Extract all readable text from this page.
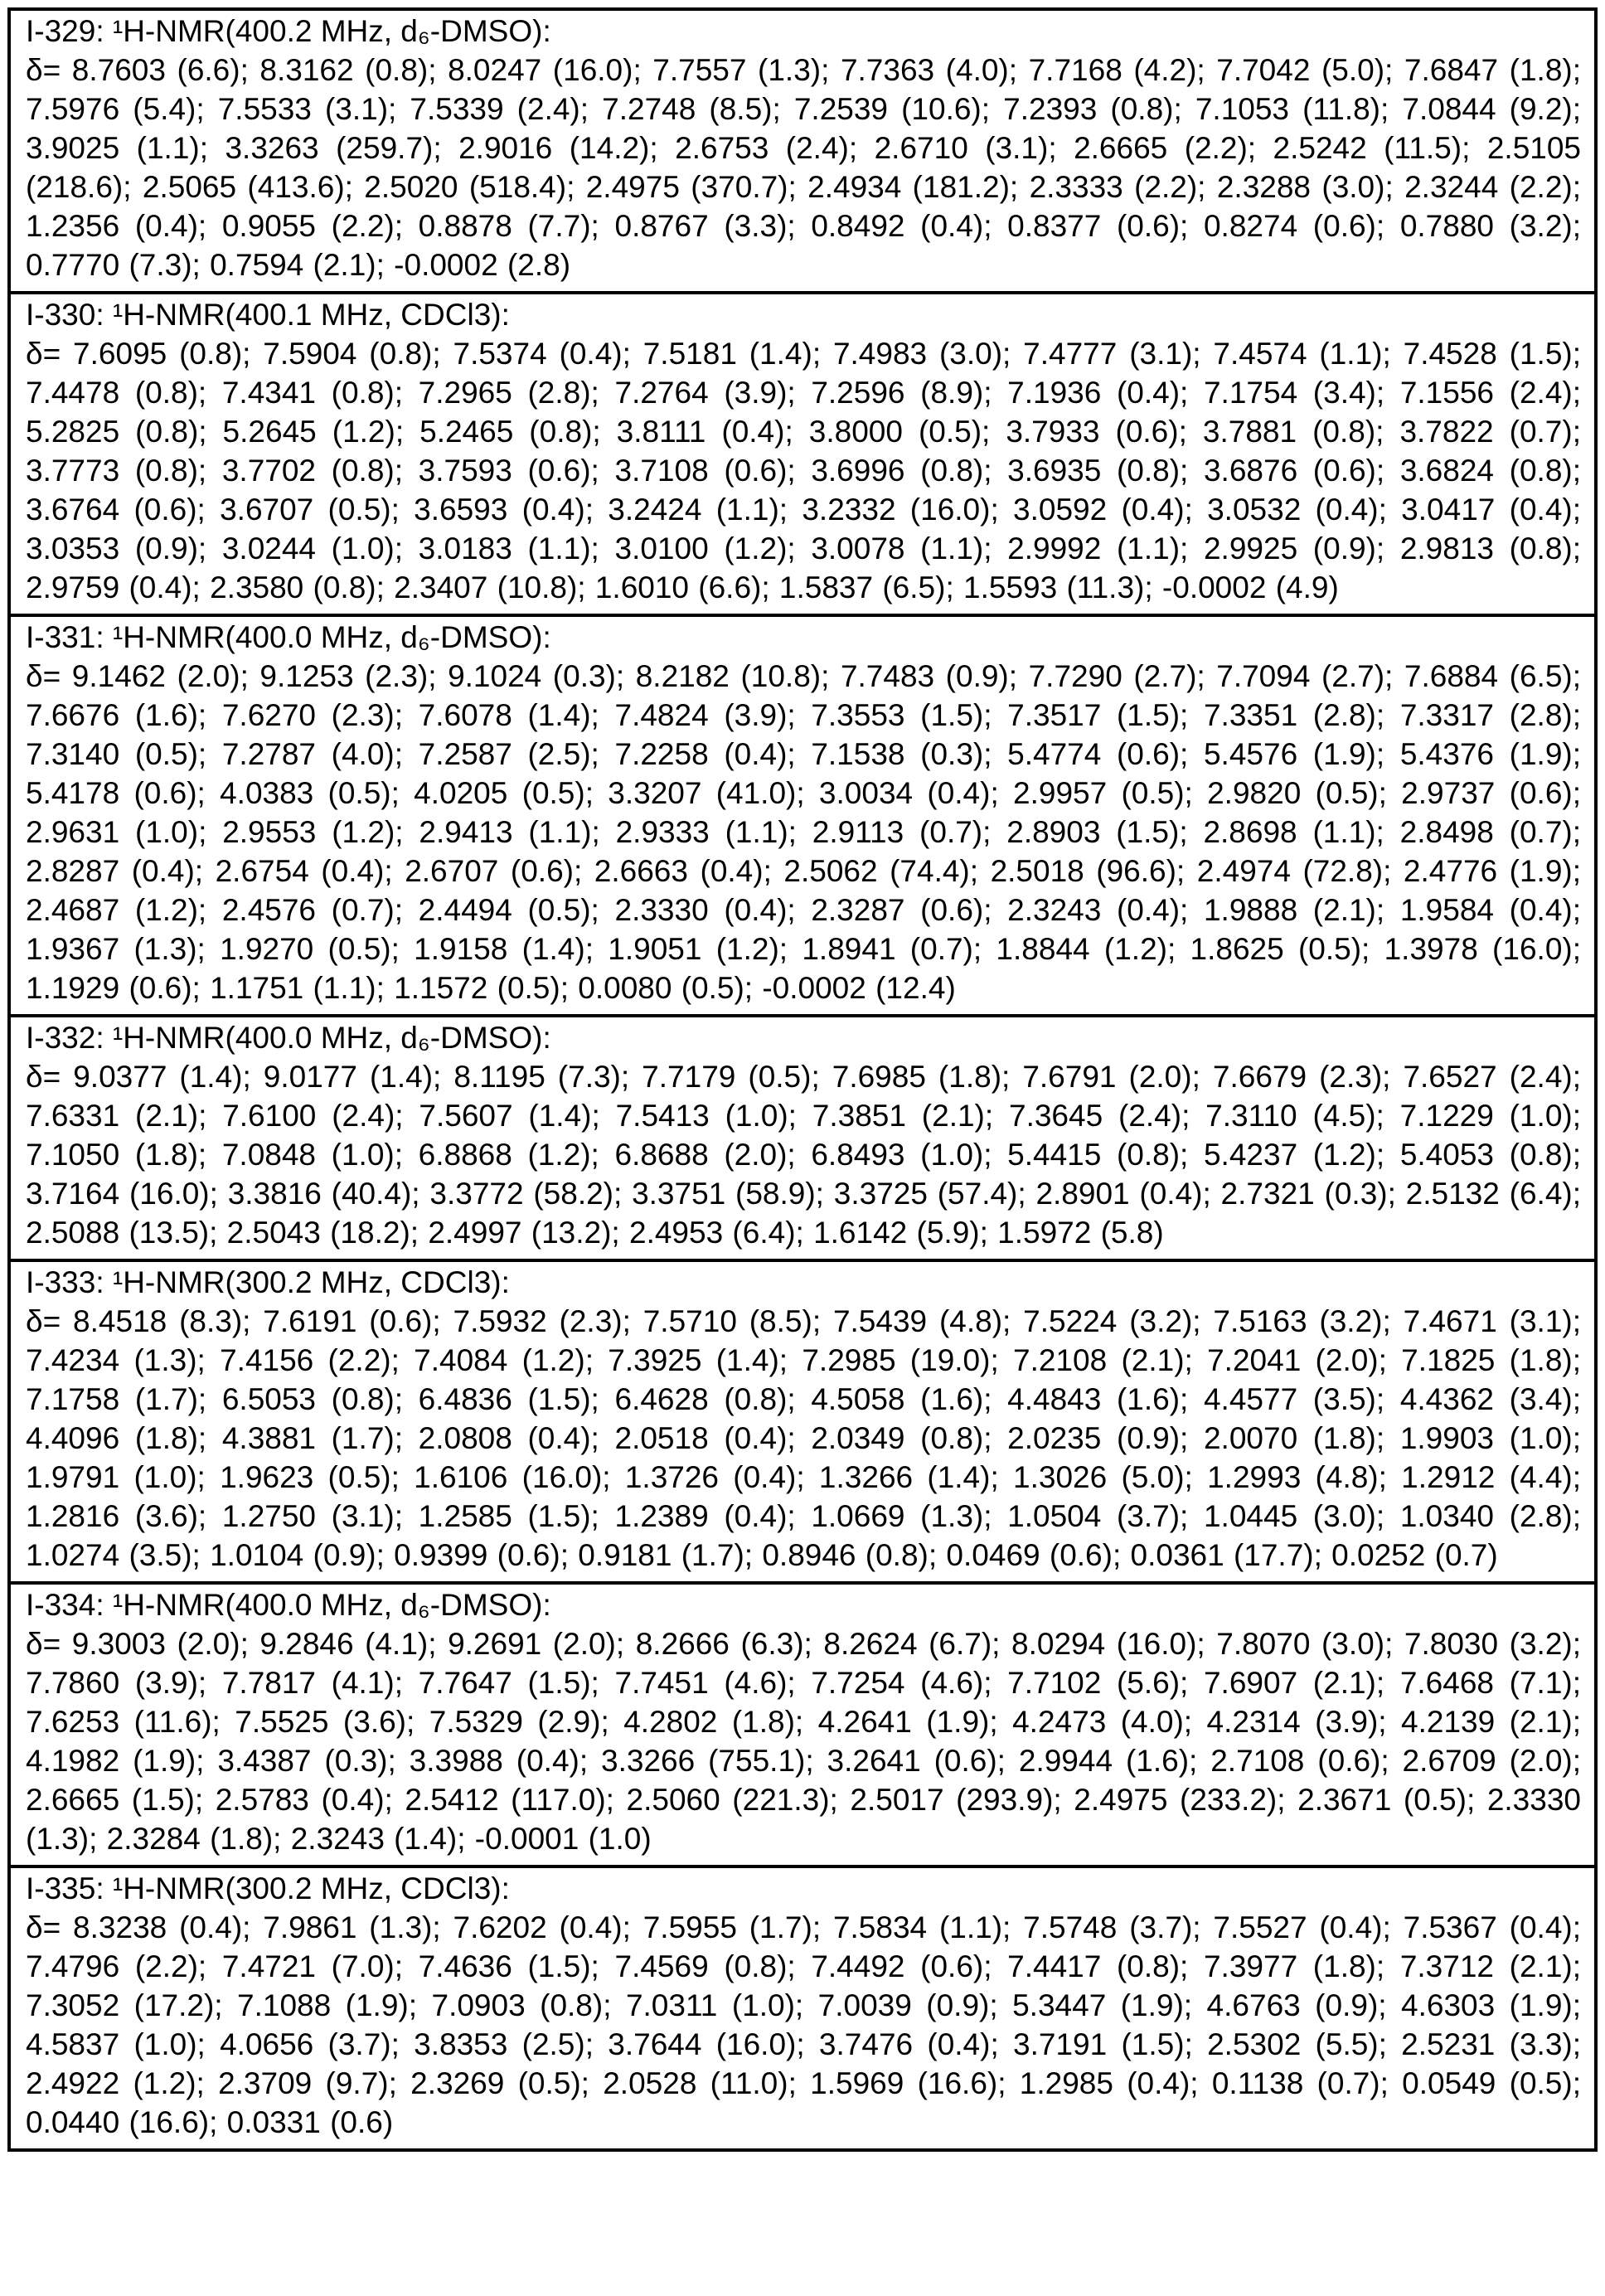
I-329: ¹H-NMR(400.2 MHz, d₆-DMSO):
δ= 8.7603 (6.6); 8.3162 (0.8); 8.0247 (16.0); 7.7557 (1.3); 7.7363 (4.0); 7.7168 (4.2); 7.7042 (5.0); 7.6847 (1.8); 7.5976 (5.4); 7.5533 (3.1); 7.5339 (2.4); 7.2748 (8.5); 7.2539 (10.6); 7.2393 (0.8); 7.1053 (11.8); 7.0844 (9.2); 3.9025 (1.1); 3.3263 (259.7); 2.9016 (14.2); 2.6753 (2.4); 2.6710 (3.1); 2.6665 (2.2); 2.5242 (11.5); 2.5105 (218.6); 2.5065 (413.6); 2.5020 (518.4); 2.4975 (370.7); 2.4934 (181.2); 2.3333 (2.2); 2.3288 (3.0); 2.3244 (2.2); 1.2356 (0.4); 0.9055 (2.2); 0.8878 (7.7); 0.8767 (3.3); 0.8492 (0.4); 0.8377 (0.6); 0.8274 (0.6); 0.7880 (3.2); 0.7770 (7.3); 0.7594 (2.1); -0.0002 (2.8)
I-330: ¹H-NMR(400.1 MHz, CDCl3):
δ= 7.6095 (0.8); 7.5904 (0.8); 7.5374 (0.4); 7.5181 (1.4); 7.4983 (3.0); 7.4777 (3.1); 7.4574 (1.1); 7.4528 (1.5); 7.4478 (0.8); 7.4341 (0.8); 7.2965 (2.8); 7.2764 (3.9); 7.2596 (8.9); 7.1936 (0.4); 7.1754 (3.4); 7.1556 (2.4); 5.2825 (0.8); 5.2645 (1.2); 5.2465 (0.8); 3.8111 (0.4); 3.8000 (0.5); 3.7933 (0.6); 3.7881 (0.8); 3.7822 (0.7); 3.7773 (0.8); 3.7702 (0.8); 3.7593 (0.6); 3.7108 (0.6); 3.6996 (0.8); 3.6935 (0.8); 3.6876 (0.6); 3.6824 (0.8); 3.6764 (0.6); 3.6707 (0.5); 3.6593 (0.4); 3.2424 (1.1); 3.2332 (16.0); 3.0592 (0.4); 3.0532 (0.4); 3.0417 (0.4); 3.0353 (0.9); 3.0244 (1.0); 3.0183 (1.1); 3.0100 (1.2); 3.0078 (1.1); 2.9992 (1.1); 2.9925 (0.9); 2.9813 (0.8); 2.9759 (0.4); 2.3580 (0.8); 2.3407 (10.8); 1.6010 (6.6); 1.5837 (6.5); 1.5593 (11.3); -0.0002 (4.9)
I-331: ¹H-NMR(400.0 MHz, d₆-DMSO):
δ= 9.1462 (2.0); 9.1253 (2.3); 9.1024 (0.3); 8.2182 (10.8); 7.7483 (0.9); 7.7290 (2.7); 7.7094 (2.7); 7.6884 (6.5); 7.6676 (1.6); 7.6270 (2.3); 7.6078 (1.4); 7.4824 (3.9); 7.3553 (1.5); 7.3517 (1.5); 7.3351 (2.8); 7.3317 (2.8); 7.3140 (0.5); 7.2787 (4.0); 7.2587 (2.5); 7.2258 (0.4); 7.1538 (0.3); 5.4774 (0.6); 5.4576 (1.9); 5.4376 (1.9); 5.4178 (0.6); 4.0383 (0.5); 4.0205 (0.5); 3.3207 (41.0); 3.0034 (0.4); 2.9957 (0.5); 2.9820 (0.5); 2.9737 (0.6); 2.9631 (1.0); 2.9553 (1.2); 2.9413 (1.1); 2.9333 (1.1); 2.9113 (0.7); 2.8903 (1.5); 2.8698 (1.1); 2.8498 (0.7); 2.8287 (0.4); 2.6754 (0.4); 2.6707 (0.6); 2.6663 (0.4); 2.5062 (74.4); 2.5018 (96.6); 2.4974 (72.8); 2.4776 (1.9); 2.4687 (1.2); 2.4576 (0.7); 2.4494 (0.5); 2.3330 (0.4); 2.3287 (0.6); 2.3243 (0.4); 1.9888 (2.1); 1.9584 (0.4); 1.9367 (1.3); 1.9270 (0.5); 1.9158 (1.4); 1.9051 (1.2); 1.8941 (0.7); 1.8844 (1.2); 1.8625 (0.5); 1.3978 (16.0); 1.1929 (0.6); 1.1751 (1.1); 1.1572 (0.5); 0.0080 (0.5); -0.0002 (12.4)
I-332: ¹H-NMR(400.0 MHz, d₆-DMSO):
δ= 9.0377 (1.4); 9.0177 (1.4); 8.1195 (7.3); 7.7179 (0.5); 7.6985 (1.8); 7.6791 (2.0); 7.6679 (2.3); 7.6527 (2.4); 7.6331 (2.1); 7.6100 (2.4); 7.5607 (1.4); 7.5413 (1.0); 7.3851 (2.1); 7.3645 (2.4); 7.3110 (4.5); 7.1229 (1.0); 7.1050 (1.8); 7.0848 (1.0); 6.8868 (1.2); 6.8688 (2.0); 6.8493 (1.0); 5.4415 (0.8); 5.4237 (1.2); 5.4053 (0.8); 3.7164 (16.0); 3.3816 (40.4); 3.3772 (58.2); 3.3751 (58.9); 3.3725 (57.4); 2.8901 (0.4); 2.7321 (0.3); 2.5132 (6.4); 2.5088 (13.5); 2.5043 (18.2); 2.4997 (13.2); 2.4953 (6.4); 1.6142 (5.9); 1.5972 (5.8)
I-333: ¹H-NMR(300.2 MHz, CDCl3):
δ= 8.4518 (8.3); 7.6191 (0.6); 7.5932 (2.3); 7.5710 (8.5); 7.5439 (4.8); 7.5224 (3.2); 7.5163 (3.2); 7.4671 (3.1); 7.4234 (1.3); 7.4156 (2.2); 7.4084 (1.2); 7.3925 (1.4); 7.2985 (19.0); 7.2108 (2.1); 7.2041 (2.0); 7.1825 (1.8); 7.1758 (1.7); 6.5053 (0.8); 6.4836 (1.5); 6.4628 (0.8); 4.5058 (1.6); 4.4843 (1.6); 4.4577 (3.5); 4.4362 (3.4); 4.4096 (1.8); 4.3881 (1.7); 2.0808 (0.4); 2.0518 (0.4); 2.0349 (0.8); 2.0235 (0.9); 2.0070 (1.8); 1.9903 (1.0); 1.9791 (1.0); 1.9623 (0.5); 1.6106 (16.0); 1.3726 (0.4); 1.3266 (1.4); 1.3026 (5.0); 1.2993 (4.8); 1.2912 (4.4); 1.2816 (3.6); 1.2750 (3.1); 1.2585 (1.5); 1.2389 (0.4); 1.0669 (1.3); 1.0504 (3.7); 1.0445 (3.0); 1.0340 (2.8); 1.0274 (3.5); 1.0104 (0.9); 0.9399 (0.6); 0.9181 (1.7); 0.8946 (0.8); 0.0469 (0.6); 0.0361 (17.7); 0.0252 (0.7)
I-334: ¹H-NMR(400.0 MHz, d₆-DMSO):
δ= 9.3003 (2.0); 9.2846 (4.1); 9.2691 (2.0); 8.2666 (6.3); 8.2624 (6.7); 8.0294 (16.0); 7.8070 (3.0); 7.8030 (3.2); 7.7860 (3.9); 7.7817 (4.1); 7.7647 (1.5); 7.7451 (4.6); 7.7254 (4.6); 7.7102 (5.6); 7.6907 (2.1); 7.6468 (7.1); 7.6253 (11.6); 7.5525 (3.6); 7.5329 (2.9); 4.2802 (1.8); 4.2641 (1.9); 4.2473 (4.0); 4.2314 (3.9); 4.2139 (2.1); 4.1982 (1.9); 3.4387 (0.3); 3.3988 (0.4); 3.3266 (755.1); 3.2641 (0.6); 2.9944 (1.6); 2.7108 (0.6); 2.6709 (2.0); 2.6665 (1.5); 2.5783 (0.4); 2.5412 (117.0); 2.5060 (221.3); 2.5017 (293.9); 2.4975 (233.2); 2.3671 (0.5); 2.3330 (1.3); 2.3284 (1.8); 2.3243 (1.4); -0.0001 (1.0)
I-335: ¹H-NMR(300.2 MHz, CDCl3):
δ= 8.3238 (0.4); 7.9861 (1.3); 7.6202 (0.4); 7.5955 (1.7); 7.5834 (1.1); 7.5748 (3.7); 7.5527 (0.4); 7.5367 (0.4); 7.4796 (2.2); 7.4721 (7.0); 7.4636 (1.5); 7.4569 (0.8); 7.4492 (0.6); 7.4417 (0.8); 7.3977 (1.8); 7.3712 (2.1); 7.3052 (17.2); 7.1088 (1.9); 7.0903 (0.8); 7.0311 (1.0); 7.0039 (0.9); 5.3447 (1.9); 4.6763 (0.9); 4.6303 (1.9); 4.5837 (1.0); 4.0656 (3.7); 3.8353 (2.5); 3.7644 (16.0); 3.7476 (0.4); 3.7191 (1.5); 2.5302 (5.5); 2.5231 (3.3); 2.4922 (1.2); 2.3709 (9.7); 2.3269 (0.5); 2.0528 (11.0); 1.5969 (16.6); 1.2985 (0.4); 0.1138 (0.7); 0.0549 (0.5); 0.0440 (16.6); 0.0331 (0.6)
